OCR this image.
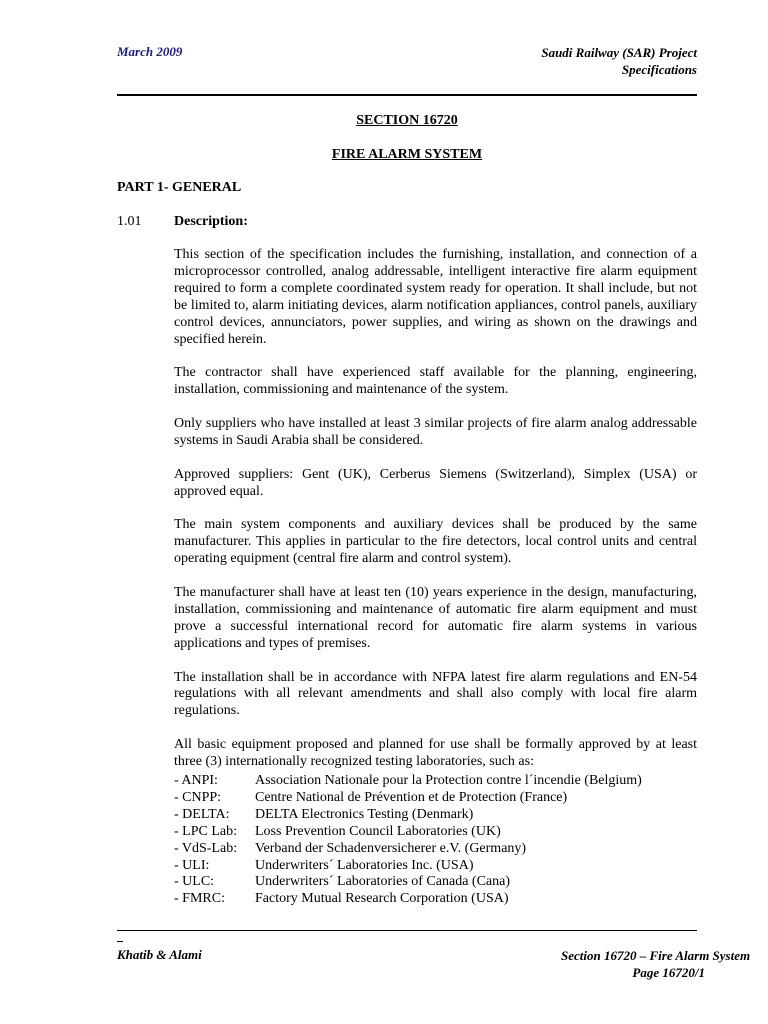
March 2009	Saudi Railway (SAR) Project
Specifications
SECTION 16720
FIRE ALARM SYSTEM
PART 1- GENERAL
1.01 Description:

This section of the specification includes the furnishing, installation, and connection of a microprocessor controlled, analog addressable, intelligent interactive fire alarm equipment required to form a complete coordinated system ready for operation. It shall include, but not be limited to, alarm initiating devices, alarm notification appliances, control panels, auxiliary control devices, annunciators, power supplies, and wiring as shown on the drawings and specified herein.

The contractor shall have experienced staff available for the planning, engineering, installation, commissioning and maintenance of the system.

Only suppliers who have installed at least 3 similar projects of fire alarm analog addressable systems in Saudi Arabia shall be considered.

Approved suppliers: Gent (UK), Cerberus Siemens (Switzerland), Simplex (USA) or approved equal.

The main system components and auxiliary devices shall be produced by the same manufacturer. This applies in particular to the fire detectors, local control units and central operating equipment (central fire alarm and control system).

The manufacturer shall have at least ten (10) years experience in the design, manufacturing, installation, commissioning and maintenance of automatic fire alarm equipment and must prove a successful international record for automatic fire alarm systems in various applications and types of premises.

The installation shall be in accordance with NFPA latest fire alarm regulations and EN-54 regulations with all relevant amendments and shall also comply with local fire alarm regulations.

All basic equipment proposed and planned for use shall be formally approved by at least three (3) internationally recognized testing laboratories, such as:

- ANPI:	Association Nationale pour la Protection contre l´incendie (Belgium)
- CNPP:	Centre National de Prévention et de Protection (France)
- DELTA:	DELTA Electronics Testing (Denmark)
- LPC Lab:	Loss Prevention Council Laboratories (UK)
- VdS-Lab:	Verband der Schadenversicherer e.V. (Germany)
- ULI:	Underwriters´ Laboratories Inc. (USA)
- ULC:	Underwriters´ Laboratories of Canada (Cana)
- FMRC:	Factory Mutual Research Corporation (USA)
Khatib & Alami	Section 16720 – Fire Alarm System
Page 16720/1
